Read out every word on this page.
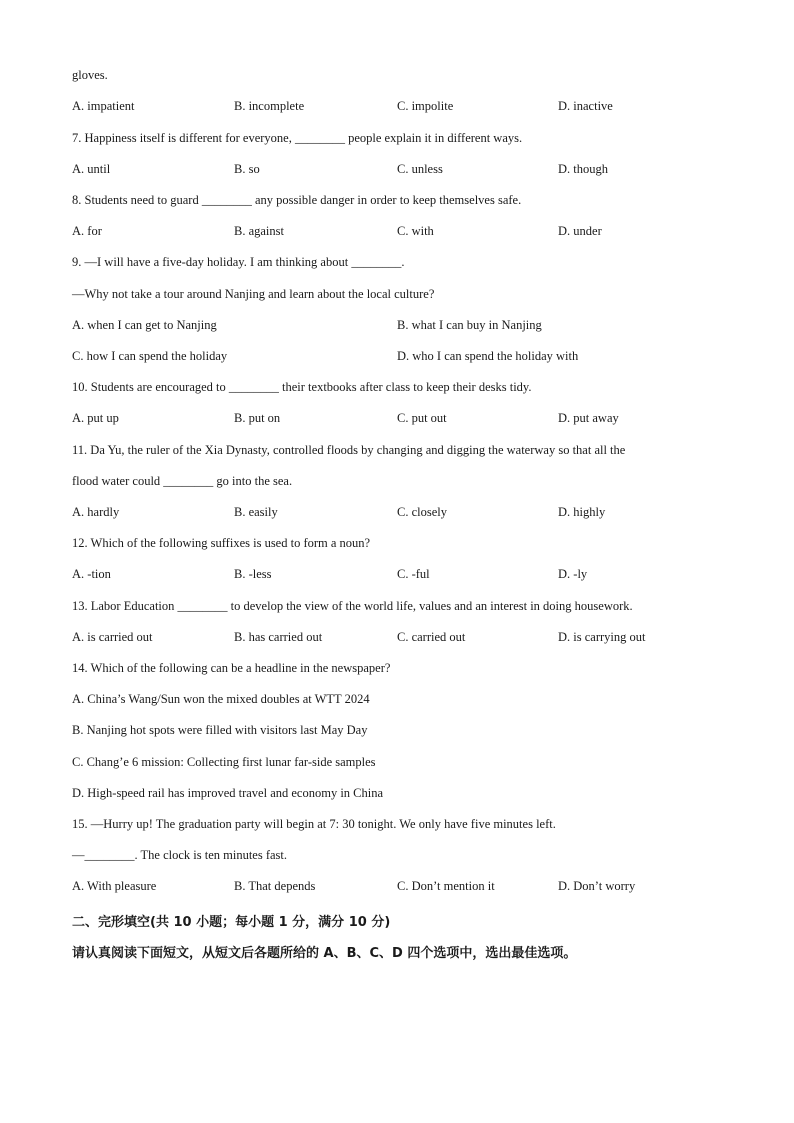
gloves.
A. impatient	B. incomplete	C. impolite	D. inactive
7. Happiness itself is different for everyone, ________ people explain it in different ways.
A. until	B. so	C. unless	D. though
8. Students need to guard ________ any possible danger in order to keep themselves safe.
A. for	B. against	C. with	D. under
9. —I will have a five-day holiday. I am thinking about ________.
—Why not take a tour around Nanjing and learn about the local culture?
A. when I can get to Nanjing	B. what I can buy in Nanjing
C. how I can spend the holiday	D. who I can spend the holiday with
10. Students are encouraged to ________ their textbooks after class to keep their desks tidy.
A. put up	B. put on	C. put out	D. put away
11. Da Yu, the ruler of the Xia Dynasty, controlled floods by changing and digging the waterway so that all the
flood water could ________ go into the sea.
A. hardly	B. easily	C. closely	D. highly
12. Which of the following suffixes is used to form a noun?
A. -tion	B. -less	C. -ful	D. -ly
13. Labor Education ________ to develop the view of the world life, values and an interest in doing housework.
A. is carried out	B. has carried out	C. carried out	D. is carrying out
14. Which of the following can be a headline in the newspaper?
A. China’s Wang/Sun won the mixed doubles at WTT 2024
B. Nanjing hot spots were filled with visitors last May Day
C. Chang’e 6 mission: Collecting first lunar far-side samples
D. High-speed rail has improved travel and economy in China
15. —Hurry up! The graduation party will begin at 7: 30 tonight. We only have five minutes left.
—________. The clock is ten minutes fast.
A. With pleasure	B. That depends	C. Don’t mention it	D. Don’t worry
二、完形填空(共 10 小题；每小题 1 分，满分 10 分)
请认真阅读下面短文，从短文后各题所给的 A、B、C、D 四个选项中，选出最佳选项。
